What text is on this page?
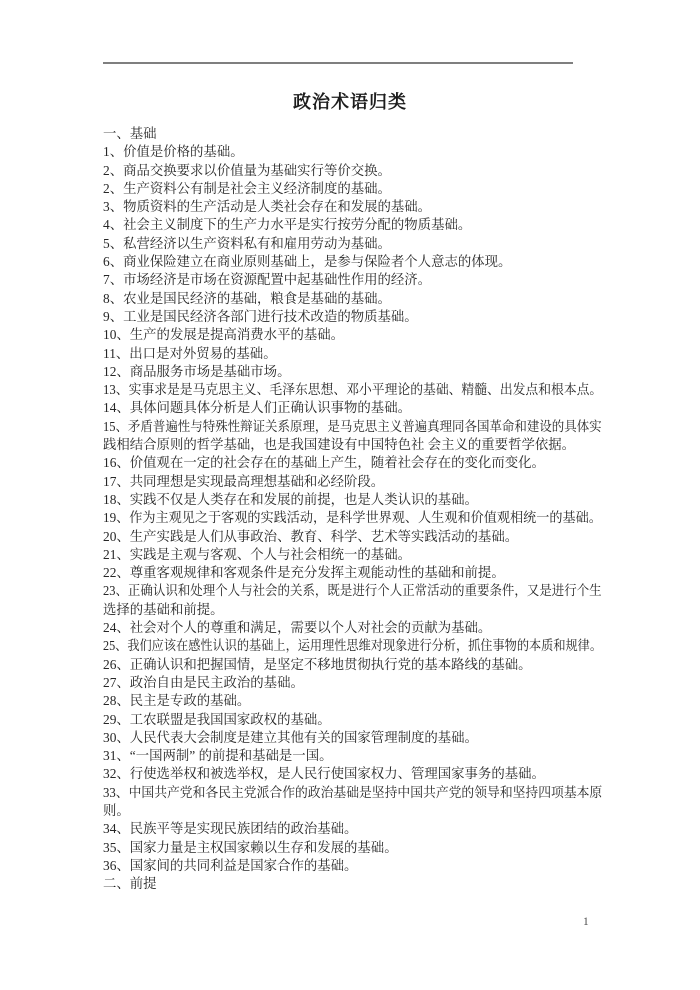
政治术语归类
一、基础
1、价值是价格的基础。
2、商品交换要求以价值量为基础实行等价交换。
2、生产资料公有制是社会主义经济制度的基础。
3、物质资料的生产活动是人类社会存在和发展的基础。
4、社会主义制度下的生产力水平是实行按劳分配的物质基础。
5、私营经济以生产资料私有和雇用劳动为基础。
6、商业保险建立在商业原则基础上，是参与保险者个人意志的体现。
7、市场经济是市场在资源配置中起基础性作用的经济。
8、农业是国民经济的基础，粮食是基础的基础。
9、工业是国民经济各部门进行技术改造的物质基础。
10、生产的发展是提高消费水平的基础。
11、出口是对外贸易的基础。
12、商品服务市场是基础市场。
13、实事求是是马克思主义、毛泽东思想、邓小平理论的基础、精髓、出发点和根本点。
14、具体问题具体分析是人们正确认识事物的基础。
15、矛盾普遍性与特殊性辩证关系原理，是马克思主义普遍真理同各国革命和建设的具体实
践相结合原则的哲学基础，也是我国建设有中国特色社 会主义的重要哲学依据。
16、价值观在一定的社会存在的基础上产生，随着社会存在的变化而变化。
17、共同理想是实现最高理想基础和必经阶段。
18、实践不仅是人类存在和发展的前提，也是人类认识的基础。
19、作为主观见之于客观的实践活动，是科学世界观、人生观和价值观相统一的基础。
20、生产实践是人们从事政治、教育、科学、艺术等实践活动的基础。
21、实践是主观与客观、个人与社会相统一的基础。
22、尊重客观规律和客观条件是充分发挥主观能动性的基础和前提。
23、正确认识和处理个人与社会的关系，既是进行个人正常活动的重要条件，又是进行个生
选择的基础和前提。
24、社会对个人的尊重和满足，需要以个人对社会的贡献为基础。
25、我们应该在感性认识的基础上，运用理性思维对现象进行分析，抓住事物的本质和规律。
26、正确认识和把握国情，是坚定不移地贯彻执行党的基本路线的基础。
27、政治自由是民主政治的基础。
28、民主是专政的基础。
29、工农联盟是我国国家政权的基础。
30、人民代表大会制度是建立其他有关的国家管理制度的基础。
31、“一国两制” 的前提和基础是一国。
32、行使选举权和被选举权，是人民行使国家权力、管理国家事务的基础。
33、中国共产党和各民主党派合作的政治基础是坚持中国共产党的领导和坚持四项基本原
则。
34、民族平等是实现民族团结的政治基础。
35、国家力量是主权国家赖以生存和发展的基础。
36、国家间的共同利益是国家合作的基础。
二、前提
1
